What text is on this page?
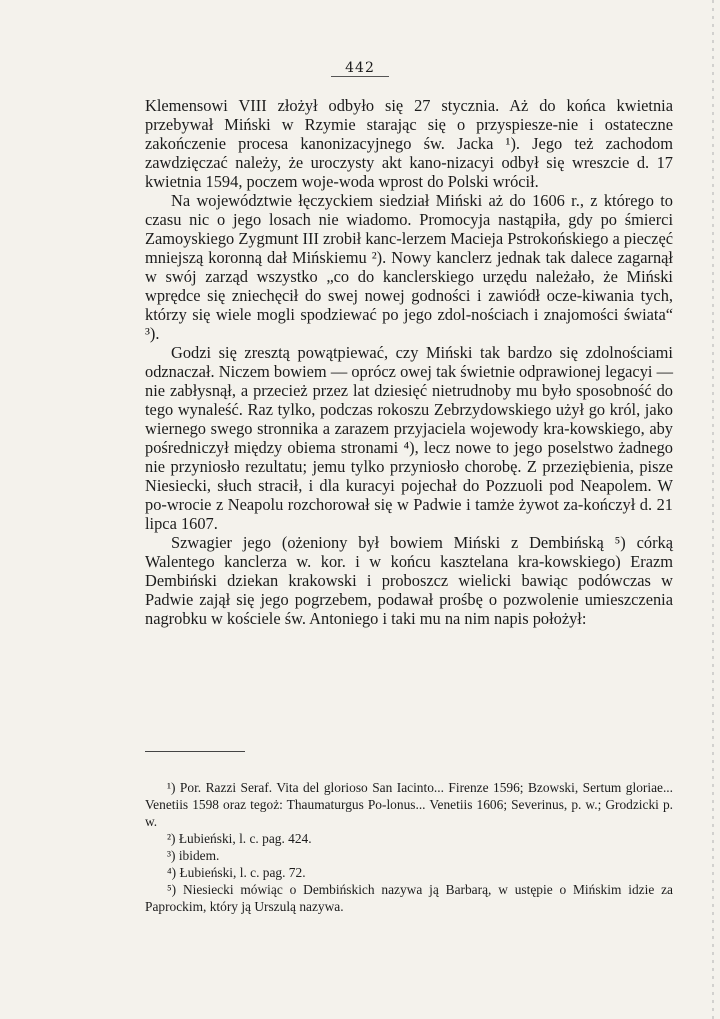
442

Klemensowi VIII złożył odbyło się 27 stycznia. Aż do końca kwietnia przebywał Miński w Rzymie starając się o przyspiesze-nie i ostateczne zakończenie procesa kanonizacyjnego św. Jacka ¹). Jego też zachodom zawdzięczać należy, że uroczysty akt kano-nizacyi odbył się wreszcie d. 17 kwietnia 1594, poczem woje-woda wprost do Polski wrócił.

Na województwie łęczyckiem siedział Miński aż do 1606 r., z którego to czasu nic o jego losach nie wiadomo. Promocyja nastąpiła, gdy po śmierci Zamoyskiego Zygmunt III zrobił kanc-lerzem Macieja Pstrokońskiego a pieczęć mniejszą koronną dał Mińskiemu ²). Nowy kanclerz jednak tak dalece zagarnął w swój zarząd wszystko „co do kanclerskiego urzędu należało, że Miński wprędce się zniechęcił do swej nowej godności i zawiódł ocze-kiwania tych, którzy się wiele mogli spodziewać po jego zdol-nościach i znajomości świata“ ³).

Godzi się zresztą powątpiewać, czy Miński tak bardzo się zdolnościami odznaczał. Niczem bowiem — oprócz owej tak świetnie odprawionej legacyi — nie zabłysnął, a przecież przez lat dziesięć nietrudnoby mu było sposobność do tego wynaleść. Raz tylko, podczas rokoszu Zebrzydowskiego użył go król, jako wiernego swego stronnika a zarazem przyjaciela wojewody kra-kowskiego, aby pośredniczył między obiema stronami ⁴), lecz nowe to jego poselstwo żadnego nie przyniosło rezultatu; jemu tylko przyniosło chorobę. Z przeziębienia, pisze Niesiecki, słuch stracił, i dla kuracyi pojechał do Pozzuoli pod Neapolem. W po-wrocie z Neapolu rozchorował się w Padwie i tamże żywot za-kończył d. 21 lipca 1607.

Szwagier jego (ożeniony był bowiem Miński z Dembińską ⁵) córką Walentego kanclerza w. kor. i w końcu kasztelana kra-kowskiego) Erazm Dembiński dziekan krakowski i proboszcz wielicki bawiąc podówczas w Padwie zajął się jego pogrzebem, podawał prośbę o pozwolenie umieszczenia nagrobku w kościele św. Antoniego i taki mu na nim napis położył:

¹) Por. Razzi Seraf. Vita del glorioso San Iacinto... Firenze 1596; Bzowski, Sertum gloriae... Venetiis 1598 oraz tegoż: Thaumaturgus Po-lonus... Venetiis 1606; Severinus, p. w.; Grodzicki p. w.

²) Łubieński, l. c. pag. 424.

³) ibidem.

⁴) Łubieński, l. c. pag. 72.

⁵) Niesiecki mówiąc o Dembińskich nazywa ją Barbarą, w ustępie o Mińskim idzie za Paprockim, który ją Urszulą nazywa.
